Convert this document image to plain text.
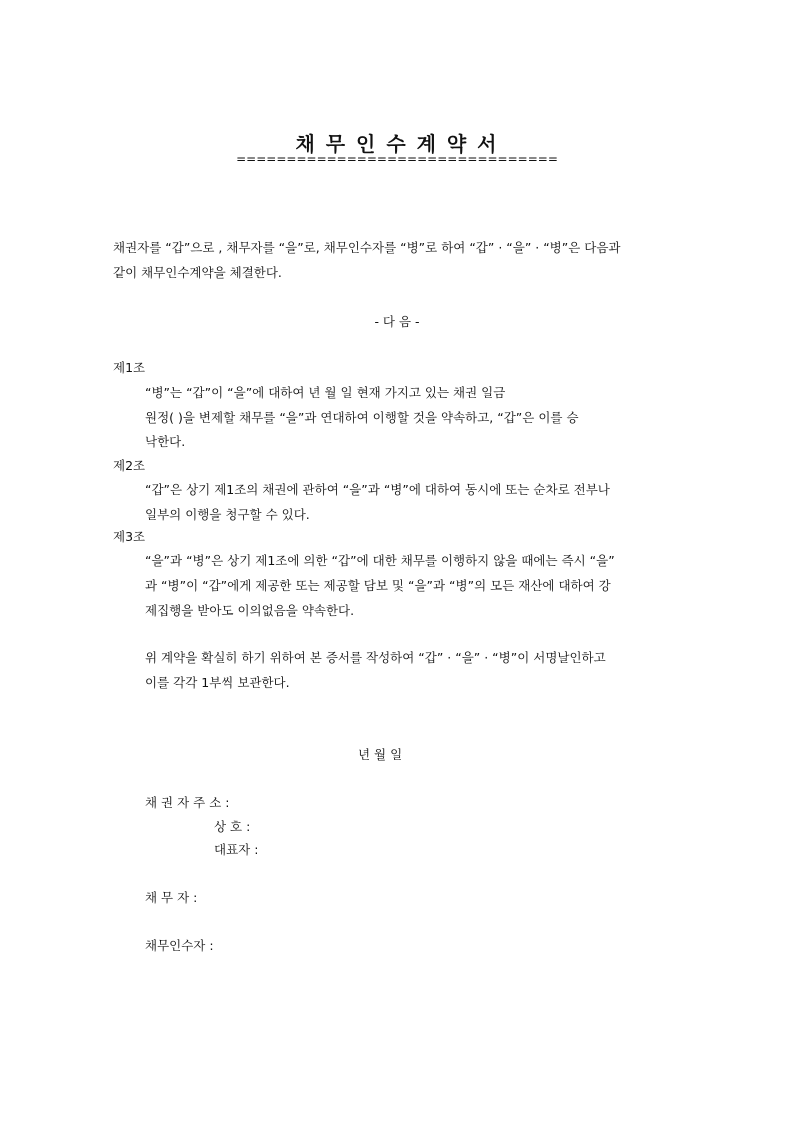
채 무 인 수 계 약 서
================================
채권자를 “갑”으로 , 채무자를 “을”로, 채무인수자를 “병”로 하여 “갑” · “을” · “병”은 다음과
같이 채무인수계약을 체결한다.
- 다 음 -
제1조
“병”는 “갑”이 “을”에 대하여 년 월 일 현재 가지고 있는 채권 일금
원정( )을 변제할 채무를 “을”과 연대하여 이행할 것을 약속하고, “갑”은 이를 승
낙한다.
제2조
“갑”은 상기 제1조의 채권에 관하여 “을”과 “병”에 대하여 동시에 또는 순차로 전부나
일부의 이행을 청구할 수 있다.
제3조
“을”과 “병”은 상기 제1조에 의한 “갑”에 대한 채무를 이행하지 않을 때에는 즉시 “을”
과 “병”이 “갑”에게 제공한 또는 제공할 담보 및 “을”과 “병”의 모든 재산에 대하여 강
제집행을 받아도 이의없음을 약속한다.
위 계약을 확실히 하기 위하여 본 증서를 작성하여 “갑” · “을” · “병”이 서명날인하고
이를 각각 1부씩 보관한다.
년 월 일
채 권 자 주 소 :
상 호 :
대표자 :
채 무 자 :
채무인수자 :
